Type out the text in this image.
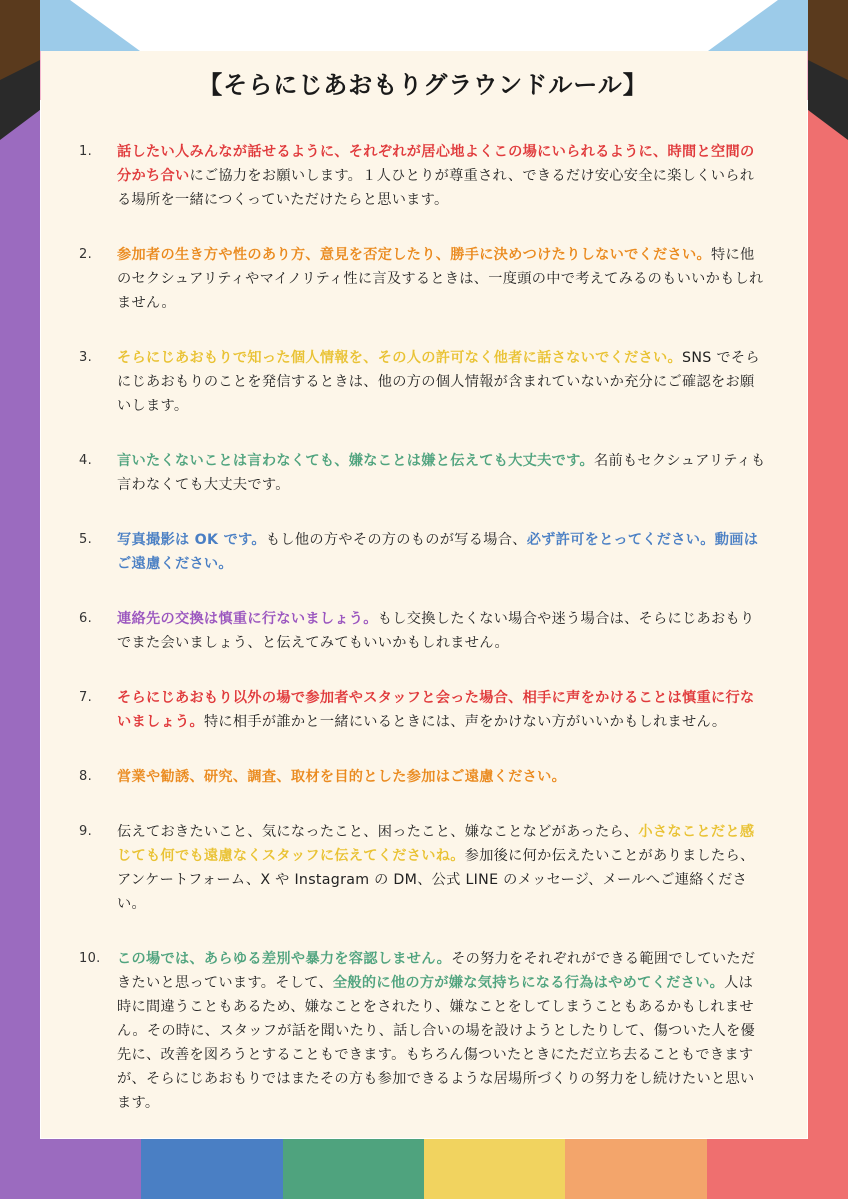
【そらにじあおもりグラウンドルール】
1. 話したい人みんなが話せるように、それぞれが居心地よくこの場にいられるように、時間と空間の分かち合いにご協力をお願いします。１人ひとりが尊重され、できるだけ安心安全に楽しくいられる場所を一緒につくっていただけたらと思います。
2. 参加者の生き方や性のあり方、意見を否定したり、勝手に決めつけたりしないでください。特に他のセクシュアリティやマイノリティ性に言及するときは、一度頭の中で考えてみるのもいいかもしれません。
3. そらにじあおもりで知った個人情報を、その人の許可なく他者に話さないでください。SNS でそらにじあおもりのことを発信するときは、他の方の個人情報が含まれていないか充分にご確認をお願いします。
4. 言いたくないことは言わなくても、嫌なことは嫌と伝えても大丈夫です。名前もセクシュアリティも言わなくても大丈夫です。
5. 写真撮影は OK です。もし他の方やその方のものが写る場合、必ず許可をとってください。動画はご遠慮ください。
6. 連絡先の交換は慎重に行ないましょう。もし交換したくない場合や迷う場合は、そらにじあおもりでまた会いましょう、と伝えてみてもいいかもしれません。
7. そらにじあおもり以外の場で参加者やスタッフと会った場合、相手に声をかけることは慎重に行ないましょう。特に相手が誰かと一緒にいるときには、声をかけない方がいいかもしれません。
8. 営業や勧誘、研究、調査、取材を目的とした参加はご遠慮ください。
9. 伝えておきたいこと、気になったこと、困ったこと、嫌なことなどがあったら、小さなことだと感じても何でも遠慮なくスタッフに伝えてくださいね。参加後に何か伝えたいことがありましたら、アンケートフォーム、X や Instagram の DM、公式 LINE のメッセージ、メールへご連絡ください。
10. この場では、あらゆる差別や暴力を容認しません。その努力をそれぞれができる範囲でしていただきたいと思っています。そして、全般的に他の方が嫌な気持ちになる行為はやめてください。人は時に間違うこともあるため、嫌なことをされたり、嫌なことをしてしまうこともあるかもしれません。その時に、スタッフが話を聞いたり、話し合いの場を設けようとしたりして、傷ついた人を優先に、改善を図ろうとすることもできます。もちろん傷ついたときにただ立ち去ることもできますが、そらにじあおもりではまたその方も参加できるような居場所づくりの努力をし続けたいと思います。
